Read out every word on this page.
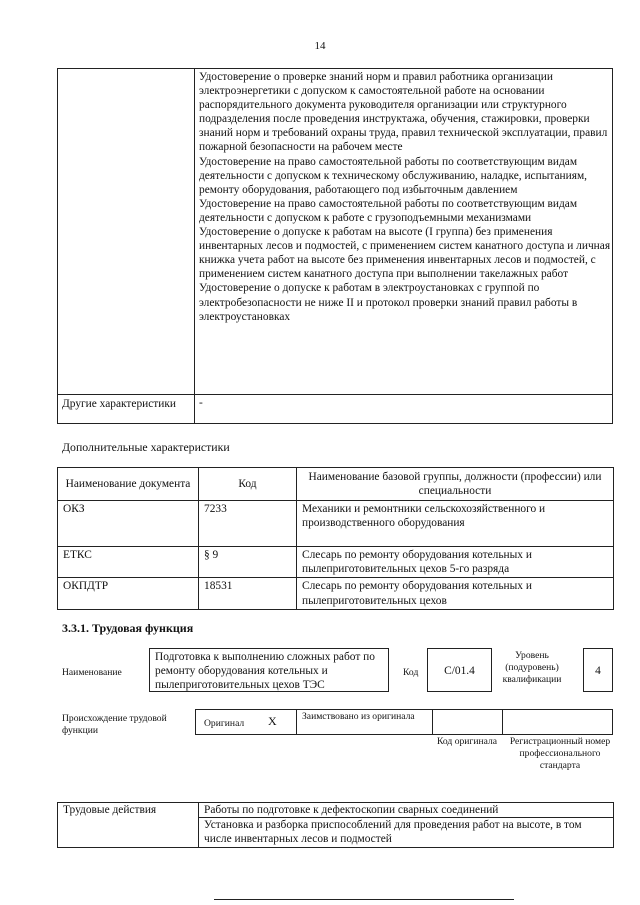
14
Удостоверение о проверке знаний норм и правил работника организации электроэнергетики с допуском к самостоятельной работе на основании распорядительного документа руководителя организации или структурного подразделения после проведения инструктажа, обучения, стажировки, проверки знаний норм и требований охраны труда, правил технической эксплуатации, правил пожарной безопасности на рабочем месте
Удостоверение на право самостоятельной работы по соответствующим видам деятельности с допуском к техническому обслуживанию, наладке, испытаниям, ремонту оборудования, работающего под избыточным давлением
Удостоверение на право самостоятельной работы по соответствующим видам деятельности с допуском к работе с грузоподъемными механизмами
Удостоверение о допуске к работам на высоте (I группа) без применения инвентарных лесов и подмостей, с применением систем канатного доступа и личная книжка учета работ на высоте без применения инвентарных лесов и подмостей, с применением систем канатного доступа при выполнении такелажных работ
Удостоверение о допуске к работам в электроустановках с группой по электробезопасности не ниже II и протокол проверки знаний правил работы в электроустановках
Другие характеристики	-
Дополнительные характеристики
Наименование документа	Код	Наименование базовой группы, должности (профессии) или специальности
ОКЗ	7233	Механики и ремонтники сельскохозяйственного и производственного оборудования
ЕТКС	§ 9	Слесарь по ремонту оборудования котельных и пылеприготовительных цехов 5-го разряда
ОКПДТР	18531	Слесарь по ремонту оборудования котельных и пылеприготовительных цехов
3.3.1. Трудовая функция
Наименование
Подготовка к выполнению сложных работ по ремонту оборудования котельных и пылеприготовительных цехов ТЭС
Код	C/01.4
Уровень (подуровень) квалификации
4
Происхождение трудовой функции
Оригинал X	Заимствовано из оригинала
Код оригинала	Регистрационный номер профессионального стандарта
Трудовые действия	Работы по подготовке к дефектоскопии сварных соединений
	Установка и разборка приспособлений для проведения работ на высоте, в том числе инвентарных лесов и подмостей
